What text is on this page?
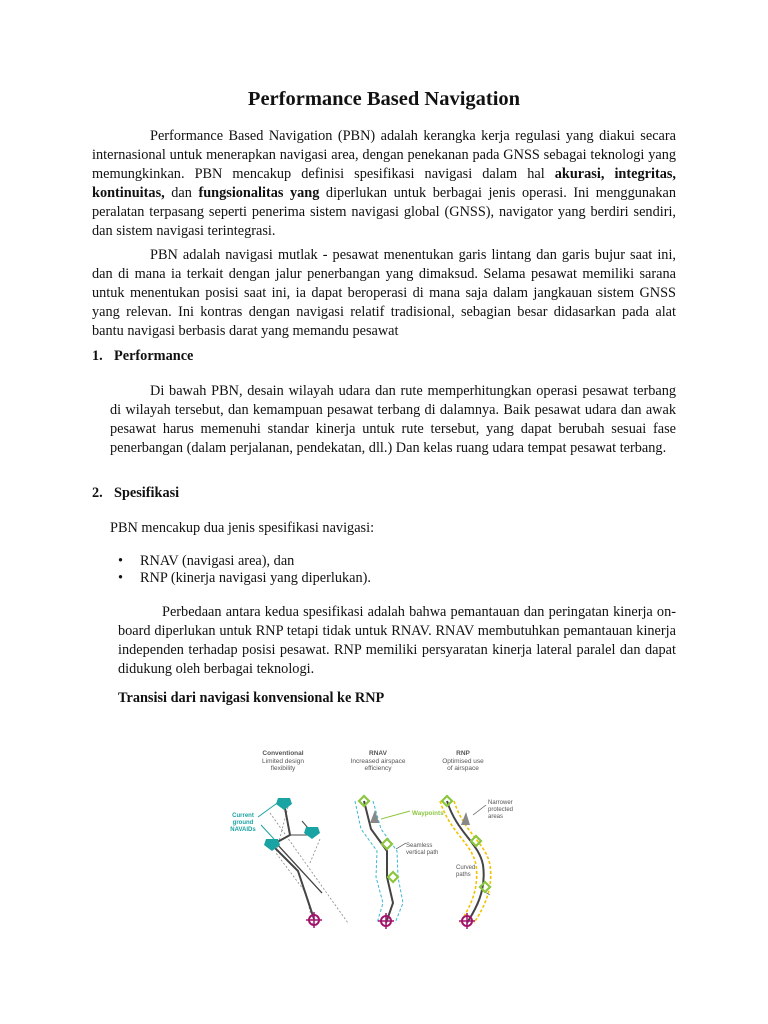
Performance Based Navigation

Performance Based Navigation (PBN) adalah kerangka kerja regulasi yang diakui secara internasional untuk menerapkan navigasi area, dengan penekanan pada GNSS sebagai teknologi yang memungkinkan. PBN mencakup definisi spesifikasi navigasi dalam hal akurasi, integritas, kontinuitas, dan fungsionalitas yang diperlukan untuk berbagai jenis operasi. Ini menggunakan peralatan terpasang seperti penerima sistem navigasi global (GNSS), navigator yang berdiri sendiri, dan sistem navigasi terintegrasi.

PBN adalah navigasi mutlak - pesawat menentukan garis lintang dan garis bujur saat ini, dan di mana ia terkait dengan jalur penerbangan yang dimaksud. Selama pesawat memiliki sarana untuk menentukan posisi saat ini, ia dapat beroperasi di mana saja dalam jangkauan sistem GNSS yang relevan. Ini kontras dengan navigasi relatif tradisional, sebagian besar didasarkan pada alat bantu navigasi berbasis darat yang memandu pesawat

1. Performance

Di bawah PBN, desain wilayah udara dan rute memperhitungkan operasi pesawat terbang di wilayah tersebut, dan kemampuan pesawat terbang di dalamnya. Baik pesawat udara dan awak pesawat harus memenuhi standar kinerja untuk rute tersebut, yang dapat berubah sesuai fase penerbangan (dalam perjalanan, pendekatan, dll.) Dan kelas ruang udara tempat pesawat terbang.

2. Spesifikasi

PBN mencakup dua jenis spesifikasi navigasi:

• RNAV (navigasi area), dan
• RNP (kinerja navigasi yang diperlukan).

Perbedaan antara kedua spesifikasi adalah bahwa pemantauan dan peringatan kinerja on-board diperlukan untuk RNP tetapi tidak untuk RNAV. RNAV membutuhkan pemantauan kinerja independen terhadap posisi pesawat. RNP memiliki persyaratan kinerja lateral paralel dan dapat didukung oleh berbagai teknologi.

Transisi dari navigasi konvensional ke RNP

Conventional
Limited design
flexibility
RNAV
Increased airspace
efficiency
RNP
Optimised use
of airspace
Current
ground
NAVAIDs
Waypoints
Seamless
vertical path
Narrower
protected
areas
Curved
paths
